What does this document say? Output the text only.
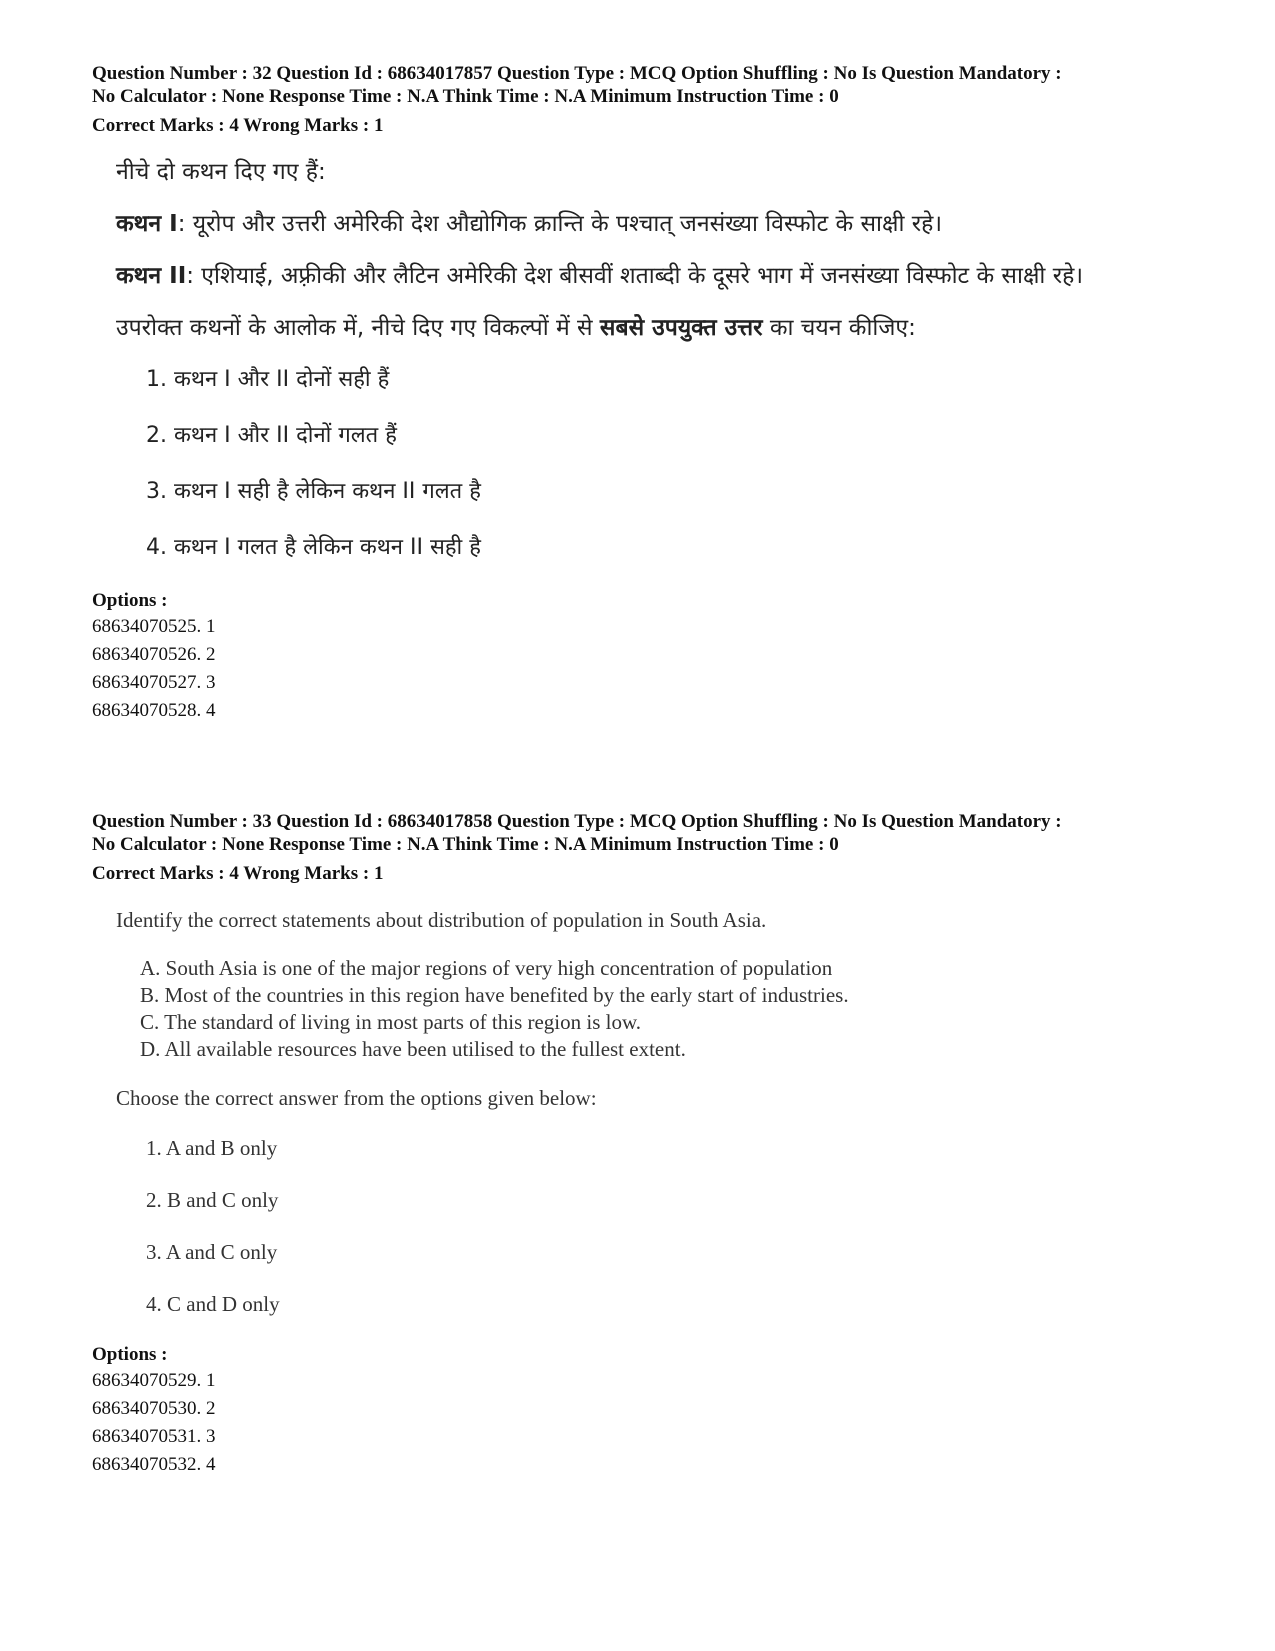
Question Number : 32 Question Id : 68634017857 Question Type : MCQ Option Shuffling : No Is Question Mandatory :

No Calculator : None Response Time : N.A Think Time : N.A Minimum Instruction Time : 0

Correct Marks : 4 Wrong Marks : 1

नीचे दो कथन दिए गए हैं:

कथन I: यूरोप और उत्तरी अमेरिकी देश औद्योगिक क्रान्ति के पश्चात् जनसंख्या विस्फोट के साक्षी रहे।

कथन II: एशियाई, अफ़्रीकी और लैटिन अमेरिकी देश बीसवीं शताब्दी के दूसरे भाग में जनसंख्या विस्फोट के साक्षी रहे।

उपरोक्त कथनों के आलोक में, नीचे दिए गए विकल्पों में से सबसे उपयुक्त उत्तर का चयन कीजिए:

1. कथन I और II दोनों सही हैं

2. कथन I और II दोनों गलत हैं

3. कथन I सही है लेकिन कथन II गलत है

4. कथन I गलत है लेकिन कथन II सही है

Options :

68634070525. 1

68634070526. 2

68634070527. 3

68634070528. 4

Question Number : 33 Question Id : 68634017858 Question Type : MCQ Option Shuffling : No Is Question Mandatory :

No Calculator : None Response Time : N.A Think Time : N.A Minimum Instruction Time : 0

Correct Marks : 4 Wrong Marks : 1

Identify the correct statements about distribution of population in South Asia.

A. South Asia is one of the major regions of very high concentration of population

B. Most of the countries in this region have benefited by the early start of industries.

C. The standard of living in most parts of this region is low.

D. All available resources have been utilised to the fullest extent.

Choose the correct answer from the options given below:

1. A and B only

2. B and C only

3. A and C only

4. C and D only

Options :

68634070529. 1

68634070530. 2

68634070531. 3

68634070532. 4
